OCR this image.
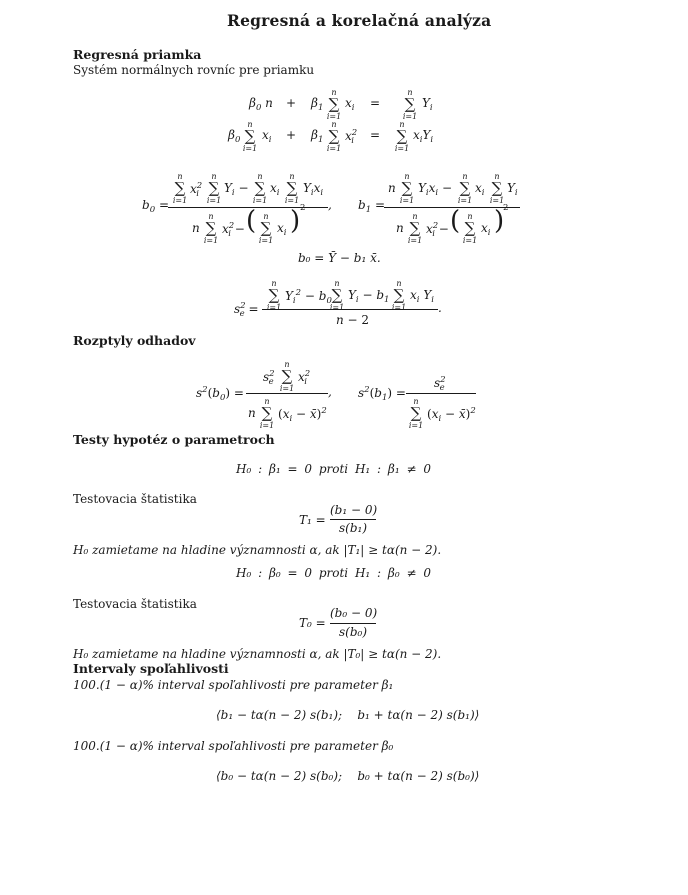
Regresná a korelačná analýza
Regresná priamka
Systém normálnych rovníc pre priamku
$\beta_0$ $n + \beta_1$
n
∑
i=1
$x_i$ =
n
∑
i=1
$Y_i$
$\beta_0$
n
∑
i=1
$x_i + \beta_1$
n
∑
i=1
$x^2_i$ =
n
∑
i=1
$x_iY_i$
$b_0$ =
n
∑
i=1
$x^2_i$
n
∑
i=1
$Y_i$ −
n
∑
i=1
$x_i$
n
∑
i=1
$Y_ix_i$
,
n
n
∑
i=1
$x^2_i$ − ( n
∑
i=1
$x_i$ ) 2	$b_1$ =
n
n
∑
i=1
$Y_ix_i$ −
n
∑
i=1
$x_i$
n
∑
i=1
$Y_i$
n
n
∑
i=1
$x^2_i$ − ( n
∑
i=1
$x_i$ )
2
b₀ = Ȳ − b₁ x̄.
$s^2_e$ =
n
∑
i=1
$Y_i^2 - b_0$
n
∑
i=1
$Y_i - b_1$
n
∑
i=1
$x_i$ $Y_i$
.
n − 2
Rozptyly odhadov
$s^2(b_0)$ =
$s^2_e$
n
∑
i=1
$x^2_i$
,
n
n
∑
i=1
($x_i$ − x̄)$^2$
$s^2(b_1)$ =
$s^2_e$
n
∑
i=1
($x_i$ − x̄)$^2$
Testy hypotéz o parametroch
H₀ : β₁ = 0 proti H₁ : β₁ ≠ 0
Testovacia štatistika
T₁ =
(b₁ − 0)
s(b₁)
H₀ zamietame na hladine významnosti α, ak |T₁| ≥ tα(n − 2).
H₀ : β₀ = 0 proti H₁ : β₀ ≠ 0
Testovacia štatistika
T₀ =
(b₀ − 0)
s(b₀)
H₀ zamietame na hladine významnosti α, ak |T₀| ≥ tα(n − 2).
Intervaly spoľahlivosti
100.(1 − α)% interval spoľahlivosti pre parameter β₁
⟨b₁ − tα(n − 2) s(b₁);    b₁ + tα(n − 2) s(b₁)⟩
100.(1 − α)% interval spoľahlivosti pre parameter β₀
⟨b₀ − tα(n − 2) s(b₀);    b₀ + tα(n − 2) s(b₀)⟩
